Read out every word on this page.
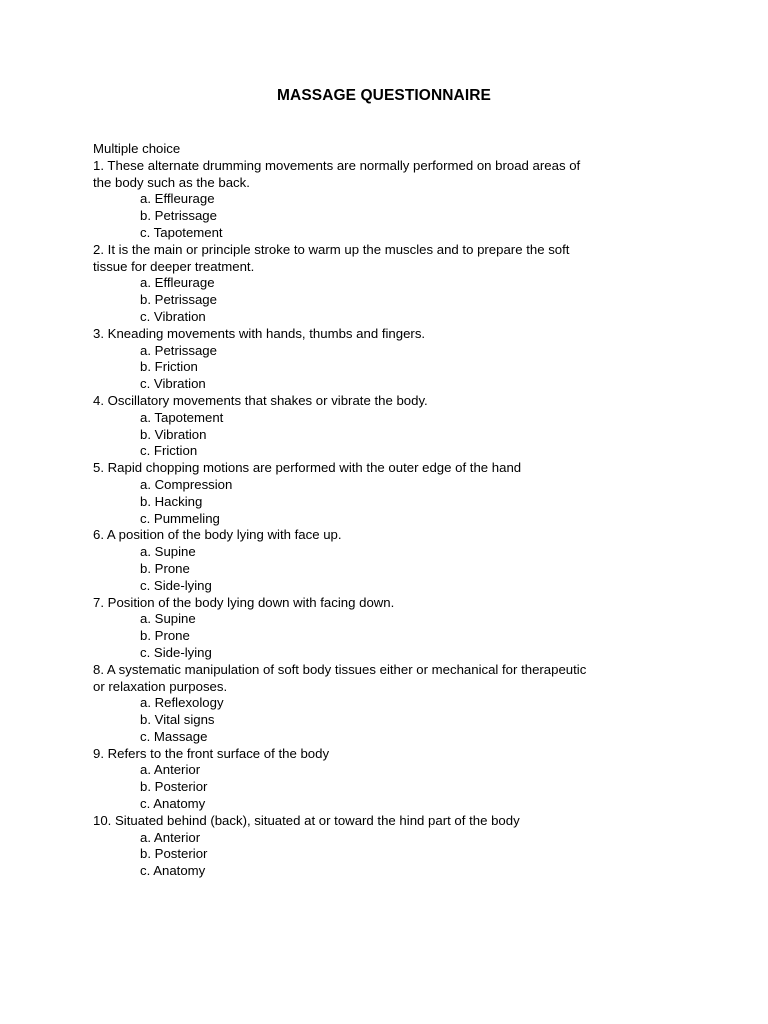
MASSAGE QUESTIONNAIRE
Multiple choice
1. These alternate drumming movements are normally performed on broad areas of
the body such as the back.
a. Effleurage
b. Petrissage
c. Tapotement
2. It is the main or principle stroke to warm up the muscles and to prepare the soft
tissue for deeper treatment.
a. Effleurage
b. Petrissage
c. Vibration
3. Kneading movements with hands, thumbs and fingers.
a. Petrissage
b. Friction
c. Vibration
4. Oscillatory movements that shakes or vibrate the body.
a. Tapotement
b. Vibration
c. Friction
5. Rapid chopping motions are performed with the outer edge of the hand
a. Compression
b. Hacking
c. Pummeling
6. A position of the body lying with face up.
a. Supine
b. Prone
c. Side-lying
7. Position of the body lying down with facing down.
a. Supine
b. Prone
c. Side-lying
8. A systematic manipulation of soft body tissues either or mechanical for therapeutic
or relaxation purposes.
a. Reflexology
b. Vital signs
c. Massage
9. Refers to the front surface of the body
a. Anterior
b. Posterior
c. Anatomy
10. Situated behind (back), situated at or toward the hind part of the body
a. Anterior
b. Posterior
c. Anatomy
